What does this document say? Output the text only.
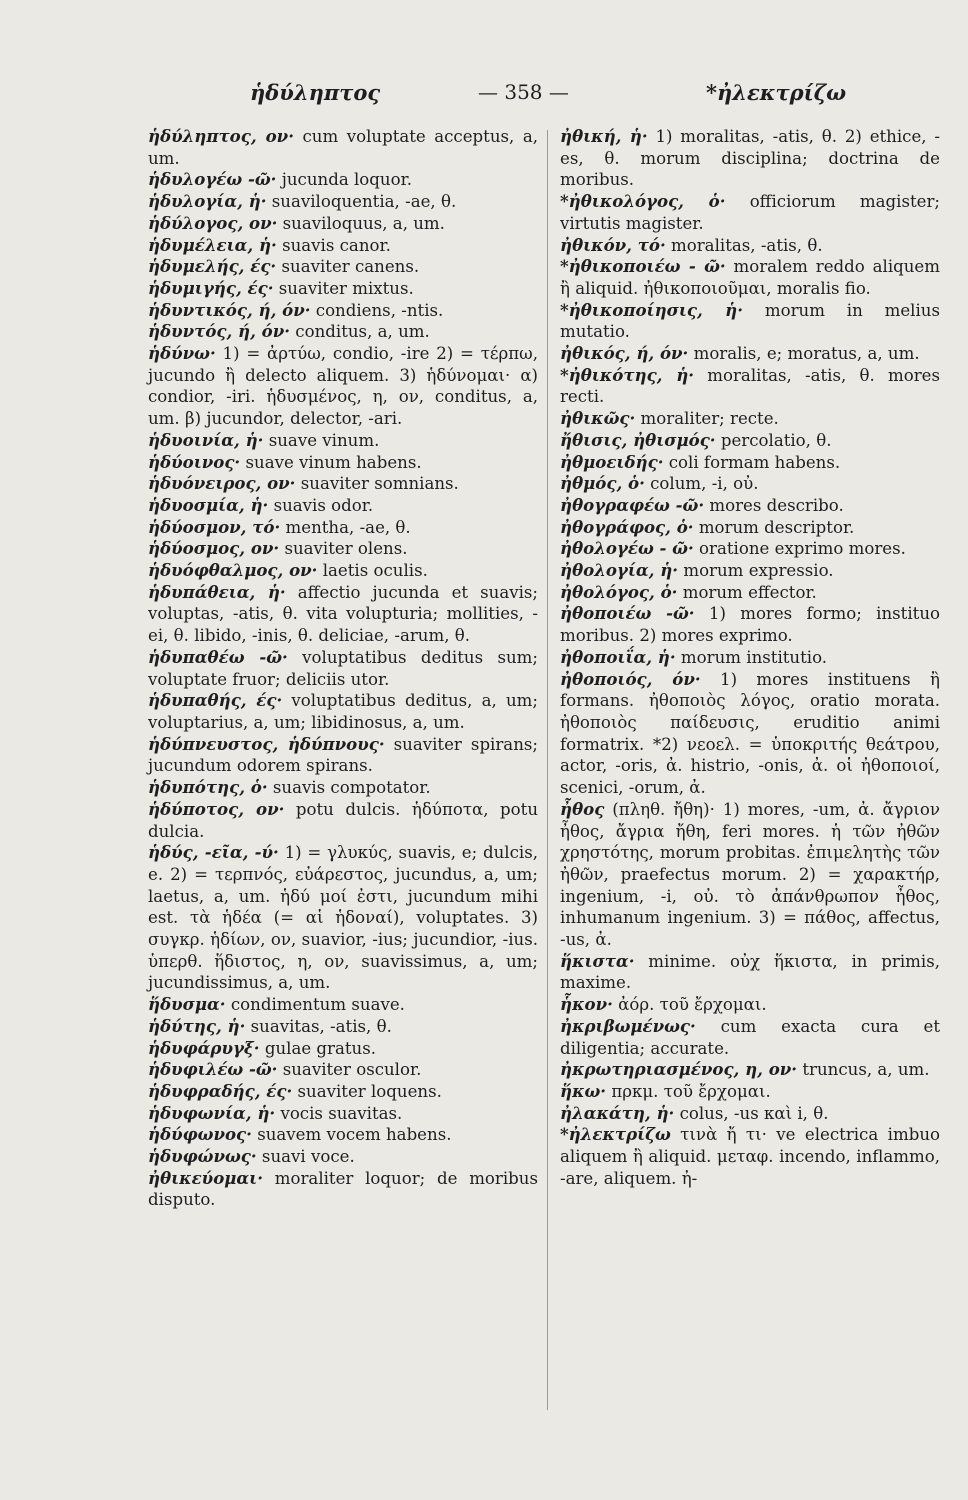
ἡδύληπτος	— 358 —	*ἠλεκτρίζω

ἡδύληπτος, ον· cum voluptate acceptus, a, um.

ἡδυλογέω -ῶ· jucunda loquor.

ἡδυλογία, ἡ· suaviloquentia, -ae, θ.

ἡδύλογος, ον· suaviloquus, a, um.

ἡδυμέλεια, ἡ· suavis canor.

ἡδυμελής, ές· suaviter canens.

ἡδυμιγής, ές· suaviter mixtus.

ἡδυντικός, ή, όν· condiens, -ntis.

ἡδυντός, ή, όν· conditus, a, um.

ἡδύνω· 1) = ἀρτύω, condio, -ire 2) = τέρπω, jucundo ἢ delecto aliquem. 3) ἡδύνομαι· α) condior, -iri. ἡδυσμένος, η, ον, conditus, a, um. β) jucundor, delector, -ari.

ἡδυοινία, ἡ· suave vinum.

ἡδύοινος· suave vinum habens.

ἡδυόνειρος, ον· suaviter somnians.

ἡδυοσμία, ἡ· suavis odor.

ἡδύοσμον, τό· mentha, -ae, θ.

ἡδύοσμος, ον· suaviter olens.

ἡδυόφθαλμος, ον· laetis oculis.

ἡδυπάθεια, ἡ· affectio jucunda et suavis; voluptas, -atis, θ. vita volupturia; mollities, -ei, θ. libido, -inis, θ. deliciae, -arum, θ.

ἡδυπαθέω -ῶ· voluptatibus deditus sum; voluptate fruor; deliciis utor.

ἡδυπαθής, ές· voluptatibus deditus, a, um; voluptarius, a, um; libidinosus, a, um.

ἡδύπνευστος, ἡδύπνους· suaviter spirans; jucundum odorem spirans.

ἡδυπότης, ὁ· suavis compotator.

ἡδύποτος, ον· potu dulcis. ἡδύποτα, potu dulcia.

ἡδύς, -εῖα, -ύ· 1) = γλυκύς, suavis, e; dulcis, e. 2) = τερπνός, εὐάρεστος, jucundus, a, um; laetus, a, um. ἡδύ μοί ἐστι, jucundum mihi est. τὰ ἡδέα (= αἱ ἡδοναί), voluptates. 3) συγκρ. ἡδίων, ον, suavior, -ius; jucundior, -ius. ὑπερθ. ἥδιστος, η, ον, suavissimus, a, um; jucundissimus, a, um.

ἥδυσμα· condimentum suave.

ἡδύτης, ἡ· suavitas, -atis, θ.

ἡδυφάρυγξ· gulae gratus.

ἡδυφιλέω -ῶ· suaviter osculor.

ἡδυφραδής, ές· suaviter loquens.

ἡδυφωνία, ἡ· vocis suavitas.

ἡδύφωνος· suavem vocem habens.

ἡδυφώνως· suavi voce.

ἠθικεύομαι· moraliter loquor; de moribus disputo.

ἠθική, ἡ· 1) moralitas, -atis, θ. 2) ethice, -es, θ. morum disciplina; doctrina de moribus.

*ἠθικολόγος, ὁ· officiorum magister; virtutis magister.

ἠθικόν, τό· moralitas, -atis, θ.

*ἠθικοποιέω - ῶ· moralem reddo aliquem ἢ aliquid. ἠθικοποιοῦμαι, moralis fio.

*ἠθικοποίησις, ἡ· morum in melius mutatio.

ἠθικός, ή, όν· moralis, e; moratus, a, um.

*ἠθικότης, ἡ· moralitas, -atis, θ. mores recti.

ἠθικῶς· moraliter; recte.

ἤθισις, ἠθισμός· percolatio, θ.

ἠθμοειδής· coli formam habens.

ἠθμός, ὁ· colum, -i, οὐ.

ἠθογραφέω -ῶ· mores describo.

ἠθογράφος, ὁ· morum descriptor.

ἠθολογέω - ῶ· oratione exprimo mores.

ἠθολογία, ἡ· morum expressio.

ἠθολόγος, ὁ· morum effector.

ἠθοποιέω -ῶ· 1) mores formo; instituo moribus. 2) mores exprimo.

ἠθοποιΐα, ἡ· morum institutio.

ἠθοποιός, όν· 1) mores instituens ἢ formans. ἠθοποιὸς λόγος, oratio morata. ἠθοποιὸς παίδευσις, eruditio animi formatrix. *2) νεοελ. = ὑποκριτής θεάτρου, actor, -oris, ἀ. histrio, -onis, ἀ. οἱ ἠθοποιοί, scenici, -orum, ἀ.

ἦθος (πληθ. ἤθη)· 1) mores, -um, ἀ. ἄγριον ἦθος, ἄγρια ἤθη, feri mores. ἡ τῶν ἠθῶν χρηστότης, morum probitas. ἐπιμελητὴς τῶν ἠθῶν, praefectus morum. 2) = χαρακτήρ, ingenium, -i, οὐ. τὸ ἀπάνθρωπον ἦθος, inhumanum ingenium. 3) = πάθος, affectus, -us, ἀ.

ἥκιστα· minime. οὐχ ἥκιστα, in primis, maxime.

ἧκον· ἀόρ. τοῦ ἔρχομαι.

ἠκριβωμένως· cum exacta cura et diligentia; accurate.

ἠκρωτηριασμένος, η, ον· truncus, a, um.

ἥκω· πρκμ. τοῦ ἔρχομαι.

ἠλακάτη, ἡ· colus, -us καὶ i, θ.

*ἠλεκτρίζω τινὰ ἤ τι· ve electrica imbuo aliquem ἢ aliquid. μεταφ. incendo, inflammo, -are, aliquem. ἠ-
